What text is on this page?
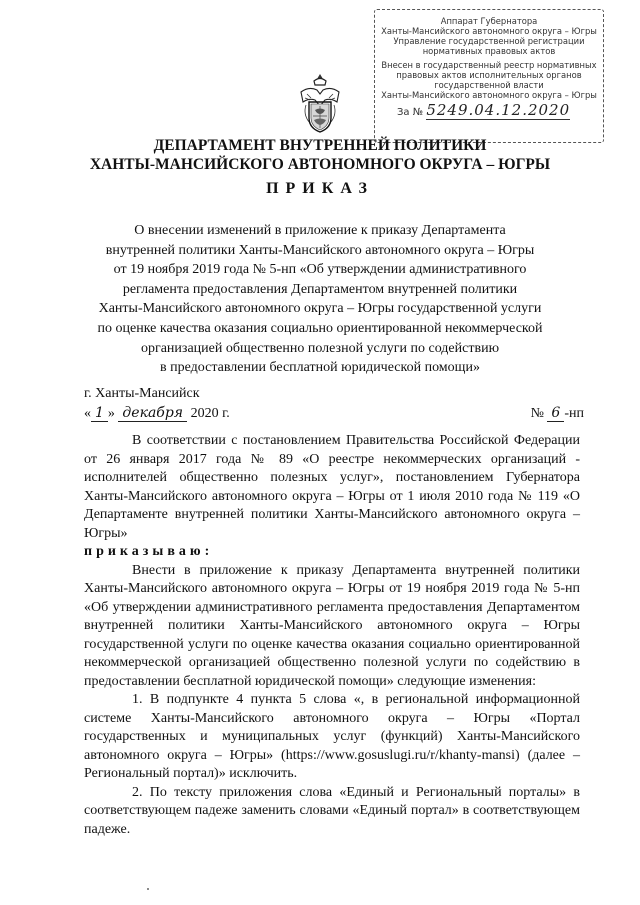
Аппарат Губернатора
Ханты-Мансийского автономного округа – Югры
Управление государственной регистрации
нормативных правовых актов
Внесен в государственный реестр нормативных
правовых актов исполнительных органов
государственной власти
Ханты-Мансийского автономного округа – Югры
За № 5249.04.12.2020

ДЕПАРТАМЕНТ ВНУТРЕННЕЙ ПОЛИТИКИ

ХАНТЫ-МАНСИЙСКОГО АВТОНОМНОГО ОКРУГА – ЮГРЫ

ПРИКАЗ

О внесении изменений в приложение к приказу Департамента
внутренней политики Ханты-Мансийского автономного округа – Югры
от 19 ноября 2019 года № 5-нп «Об утверждении административного
регламента предоставления Департаментом внутренней политики
Ханты-Мансийского автономного округа – Югры государственной услуги
по оценке качества оказания социально ориентированной некоммерческой
организацией общественно полезной услуги по содействию
в предоставлении бесплатной юридической помощи»

г. Ханты-Мансийск

« 1 » декабря 2020 г.	№ 6 -нп

В соответствии с постановлением Правительства Российской Федерации от 26 января 2017 года № 89 «О реестре некоммерческих организаций - исполнителей общественно полезных услуг», постановлением Губернатора Ханты-Мансийского автономного округа – Югры от 1 июля 2010 года № 119 «О Департаменте внутренней политики Ханты-Мансийского автономного округа – Югры»

приказываю:

Внести в приложение к приказу Департамента внутренней политики Ханты-Мансийского автономного округа – Югры от 19 ноября 2019 года № 5-нп «Об утверждении административного регламента предоставления Департаментом внутренней политики Ханты-Мансийского автономного округа – Югры государственной услуги по оценке качества оказания социально ориентированной некоммерческой организацией общественно полезной услуги по содействию в предоставлении бесплатной юридической помощи» следующие изменения:

1. В подпункте 4 пункта 5 слова «, в региональной информационной системе Ханты-Мансийского автономного округа – Югры «Портал государственных и муниципальных услуг (функций) Ханты-Мансийского автономного округа – Югры» (https://www.gosuslugi.ru/r/khanty-mansi) (далее – Региональный портал)» исключить.

2. По тексту приложения слова «Единый и Региональный порталы» в соответствующем падеже заменить словами «Единый портал» в соответствующем падеже.
